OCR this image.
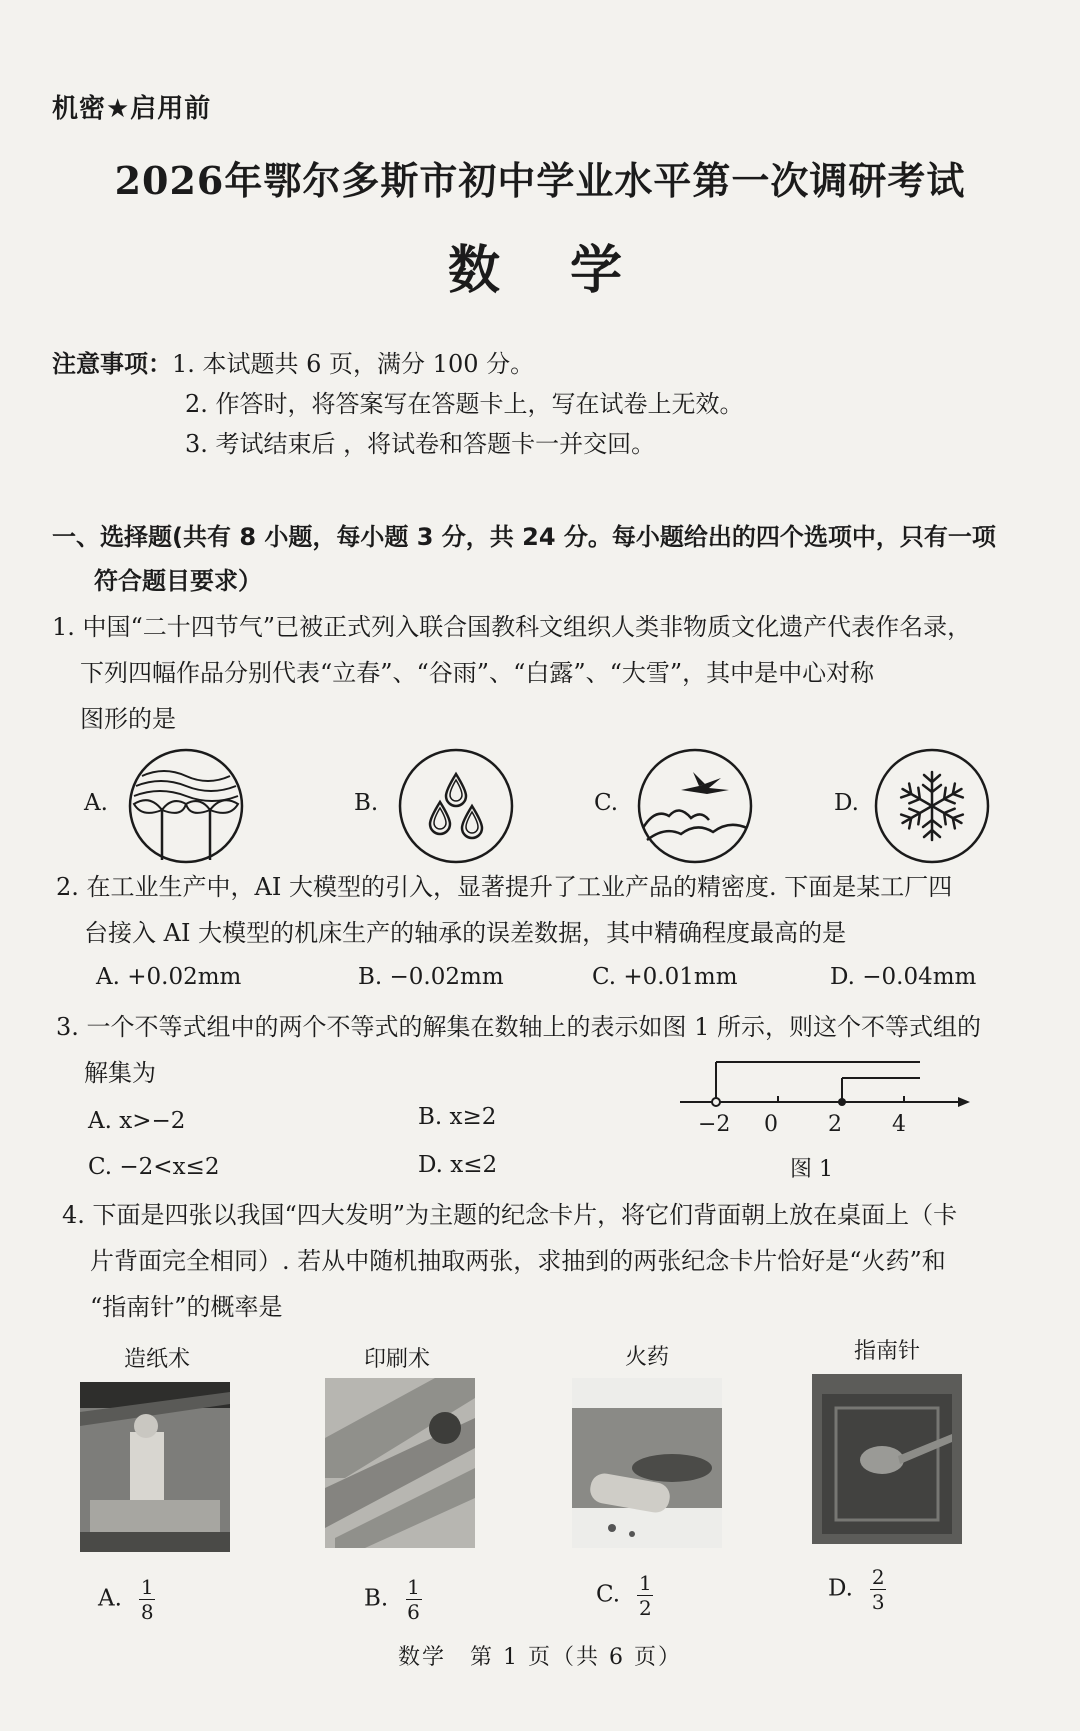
机密★启用前
2026年鄂尔多斯市初中学业水平第一次调研考试
数学
注意事项：1. 本试题共 6 页，满分 100 分。
2. 作答时，将答案写在答题卡上，写在试卷上无效。
3. 考试结束后 ，将试卷和答题卡一并交回。
一、选择题(共有 8 小题，每小题 3 分，共 24 分。每小题给出的四个选项中，只有一项
符合题目要求）
1. 中国“二十四节气”已被正式列入联合国教科文组织人类非物质文化遗产代表作名录，
下列四幅作品分别代表“立春”、“谷雨”、“白露”、“大雪”，其中是中心对称
图形的是
A.	B.	C.	D.
2. 在工业生产中，AI 大模型的引入，显著提升了工业产品的精密度. 下面是某工厂四
台接入 AI 大模型的机床生产的轴承的误差数据，其中精确程度最高的是
A. +0.02mm	B. −0.02mm	C. +0.01mm	D. −0.04mm
3. 一个不等式组中的两个不等式的解集在数轴上的表示如图 1 所示，则这个不等式组的
解集为
A. x>−2	B. x≥2
C. −2<x≤2	D. x≤2
−2 0 2 4
图 1
4. 下面是四张以我国“四大发明”为主题的纪念卡片，将它们背面朝上放在桌面上（卡
片背面完全相同）. 若从中随机抽取两张，求抽到的两张纪念卡片恰好是“火药”和
“指南针”的概率是
造纸术	印刷术	火药	指南针
A. $\frac{1}{8}$	B. $\frac{1}{6}$	C. $\frac{1}{2}$	D. $\frac{2}{3}$
数学　第 1 页（共 6 页）
